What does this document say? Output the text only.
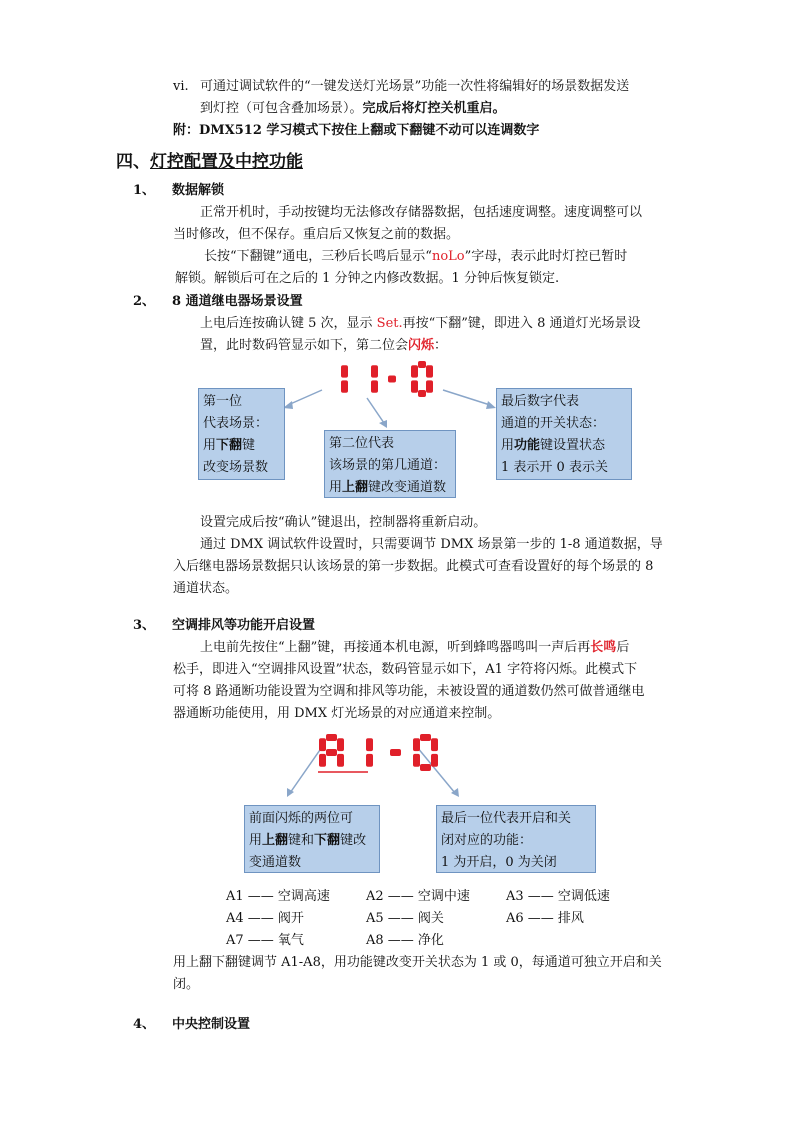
vi. 可通过调试软件的“一键发送灯光场景”功能一次性将编辑好的场景数据发送
到灯控（可包含叠加场景）。完成后将灯控关机重启。
附：DMX512 学习模式下按住上翻或下翻键不动可以连调数字
四、灯控配置及中控功能
1、 数据解锁
正常开机时，手动按键均无法修改存储器数据，包括速度调整。速度调整可以
当时修改，但不保存。重启后又恢复之前的数据。
长按“下翻键”通电，三秒后长鸣后显示“noLo”字母，表示此时灯控已暂时
解锁。解锁后可在之后的 1 分钟之内修改数据。1 分钟后恢复锁定.
2、 8 通道继电器场景设置
上电后连按确认键 5 次，显示 Set.再按“下翻”键，即进入 8 通道灯光场景设
置，此时数码管显示如下，第二位会闪烁：
第一位
代表场景：
用下翻键
改变场景数
第二位代表
该场景的第几通道：
用上翻键改变通道数
最后数字代表
通道的开关状态：
用功能键设置状态
1 表示开 0 表示关
设置完成后按“确认”键退出，控制器将重新启动。
通过 DMX 调试软件设置时，只需要调节 DMX 场景第一步的 1-8 通道数据，导
入后继电器场景数据只认该场景的第一步数据。此模式可查看设置好的每个场景的 8
通道状态。
3、 空调排风等功能开启设置
上电前先按住“上翻”键，再接通本机电源，听到蜂鸣器鸣叫一声后再长鸣后
松手，即进入“空调排风设置”状态，数码管显示如下，A1 字符将闪烁。此模式下
可将 8 路通断功能设置为空调和排风等功能，未被设置的通道数仍然可做普通继电
器通断功能使用，用 DMX 灯光场景的对应通道来控制。
前面闪烁的两位可
用上翻键和下翻键改
变通道数
最后一位代表开启和关
闭对应的功能：
1 为开启，0 为关闭
A1 —— 空调高速	A2 —— 空调中速	A3 —— 空调低速
A4 —— 阀开	A5 —— 阀关	A6 —— 排风
A7 —— 氧气	A8 —— 净化
用上翻下翻键调节 A1-A8，用功能键改变开关状态为 1 或 0，每通道可独立开启和关
闭。
4、 中央控制设置
